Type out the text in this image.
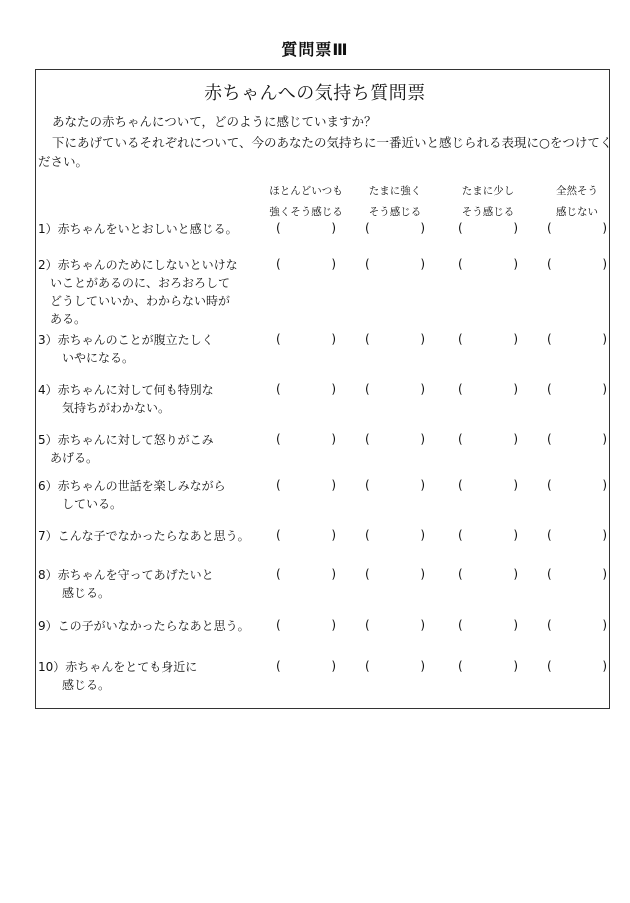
質問票Ⅲ
赤ちゃんへの気持ち質問票
あなたの赤ちゃんについて，どのように感じていますか？
下にあげているそれぞれについて、今のあなたの気持ちに一番近いと感じられる表現に○をつけてく
ださい。
ほとんどいつも
強くそう感じる
たまに強く
そう感じる
たまに少し
そう感じる
全然そう
感じない
1）赤ちゃんをいとおしいと感じる。	(	) (	)	(	) (	)
2）赤ちゃんのためにしないといけな
　いことがあるのに、おろおろして
　どうしていいか、わからない時が
　ある。
(	) (	)	(	) (	)
3）赤ちゃんのことが腹立たしく
　　いやになる。
(	) (	)	(	) (	)
4）赤ちゃんに対して何も特別な
　　気持ちがわかない。
(	) (	)	(	) (	)
5）赤ちゃんに対して怒りがこみ
　あげる。
(	) (	)	(	) (	)
6）赤ちゃんの世話を楽しみながら
　　している。
(	) (	)	(	) (	)
7）こんな子でなかったらなあと思う。 (	) (	)	(	) (	)
8）赤ちゃんを守ってあげたいと
　　感じる。
(	) (	)	(	) (	)
9）この子がいなかったらなあと思う。 (	) (	)	(	) (	)
10）赤ちゃんをとても身近に
　　感じる。
(	) (	)	(	) (	)
